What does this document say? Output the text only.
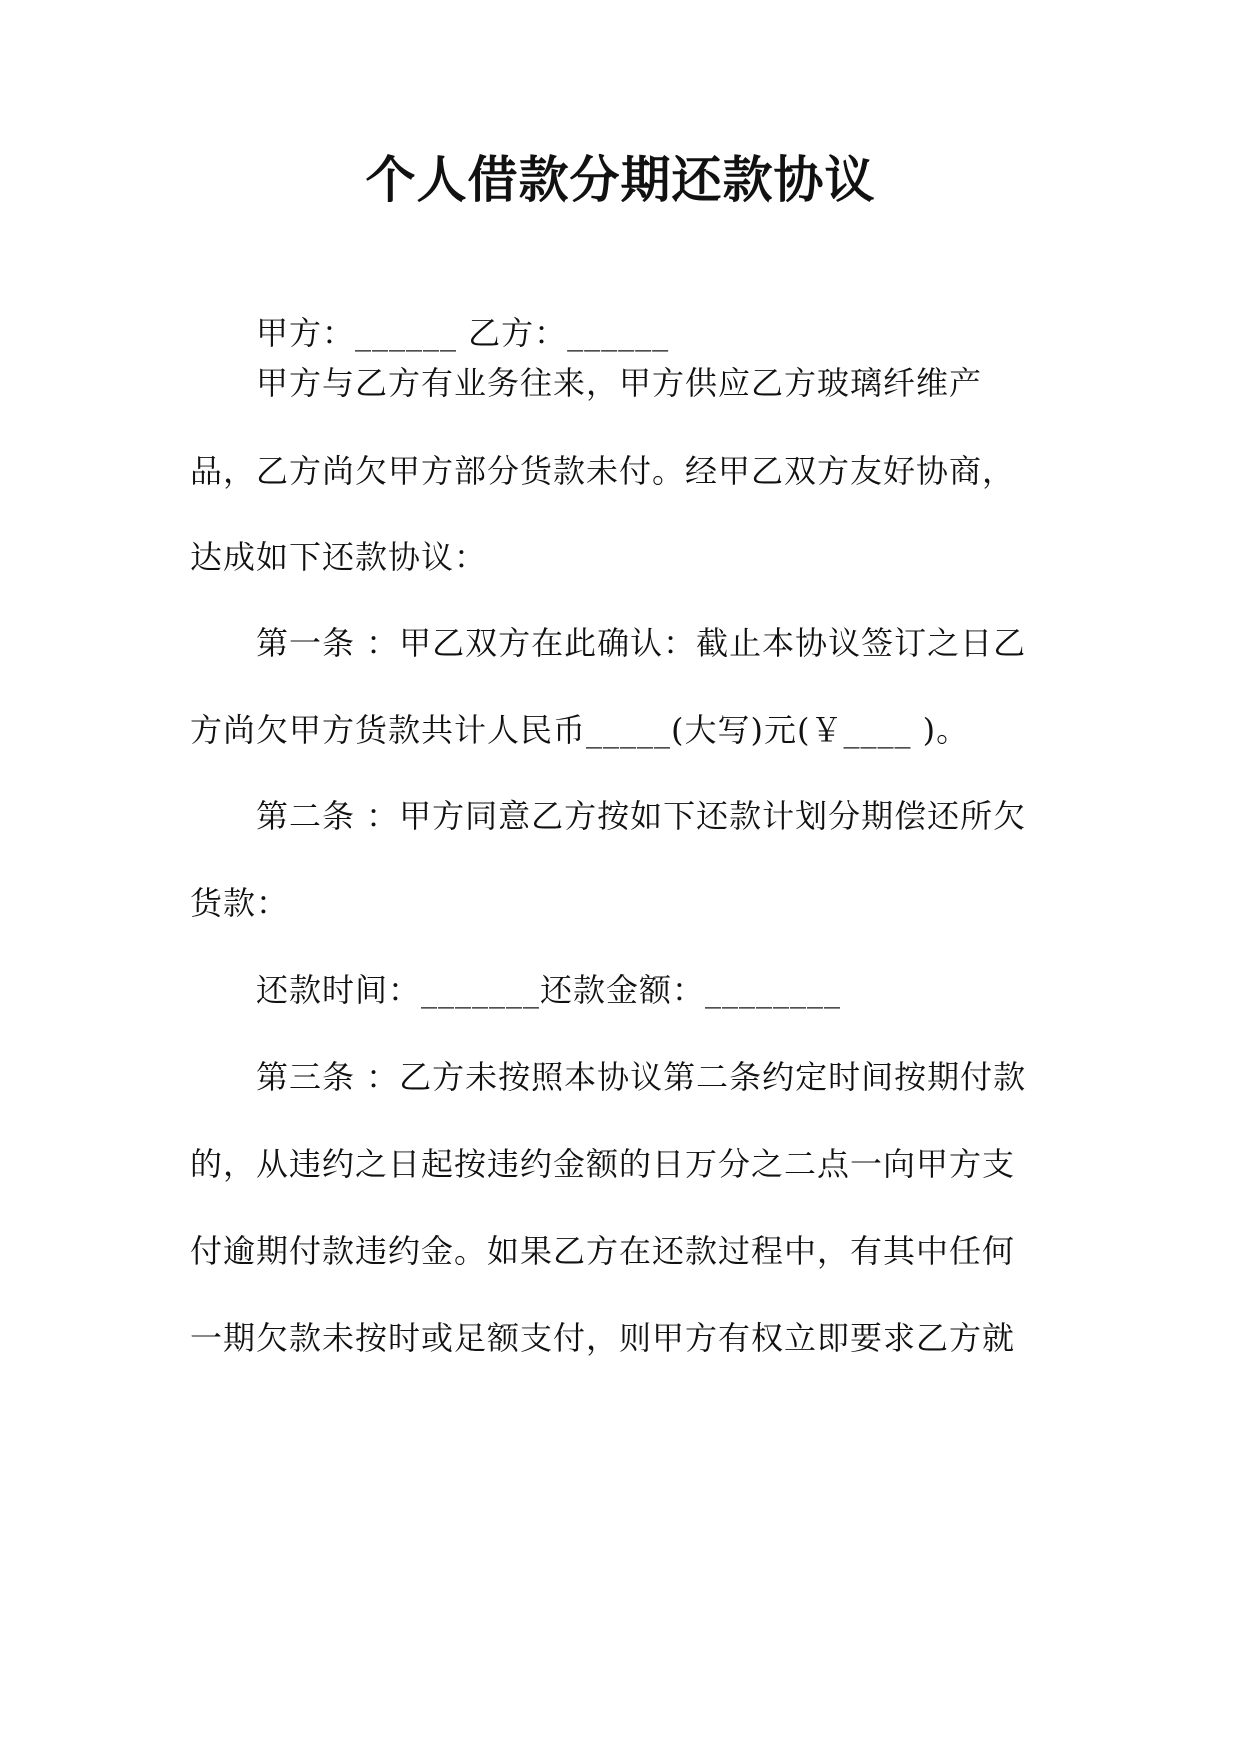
个人借款分期还款协议
甲方：______ 乙方：______
甲方与乙方有业务往来，甲方供应乙方玻璃纤维产
品，乙方尚欠甲方部分货款未付。经甲乙双方友好协商，
达成如下还款协议：
第一条 ：甲乙双方在此确认：截止本协议签订之日乙
方尚欠甲方货款共计人民币_____(大写)元(￥____ )。
第二条 ：甲方同意乙方按如下还款计划分期偿还所欠
货款：
还款时间：_______还款金额：________
第三条 ：乙方未按照本协议第二条约定时间按期付款
的，从违约之日起按违约金额的日万分之二点一向甲方支
付逾期付款违约金。如果乙方在还款过程中，有其中任何
一期欠款未按时或足额支付，则甲方有权立即要求乙方就
